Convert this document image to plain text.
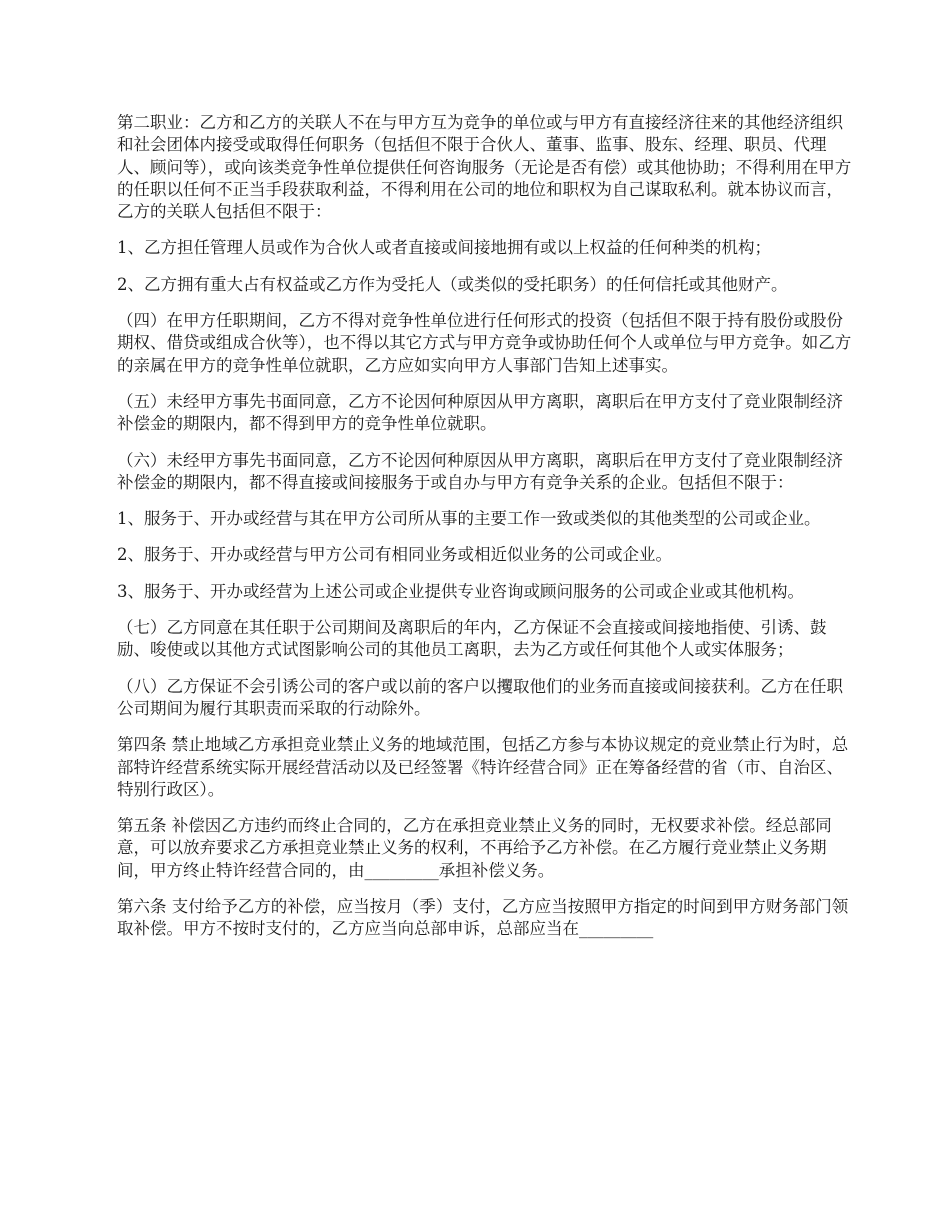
第二职业：乙方和乙方的关联人不在与甲方互为竞争的单位或与甲方有直接经济往来的其他经济组织和社会团体内接受或取得任何职务（包括但不限于合伙人、董事、监事、股东、经理、职员、代理人、顾问等），或向该类竞争性单位提供任何咨询服务（无论是否有偿）或其他协助；不得利用在甲方的任职以任何不正当手段获取利益，不得利用在公司的地位和职权为自己谋取私利。就本协议而言，乙方的关联人包括但不限于：

1、乙方担任管理人员或作为合伙人或者直接或间接地拥有或以上权益的任何种类的机构；

2、乙方拥有重大占有权益或乙方作为受托人（或类似的受托职务）的任何信托或其他财产。

（四）在甲方任职期间，乙方不得对竞争性单位进行任何形式的投资（包括但不限于持有股份或股份期权、借贷或组成合伙等），也不得以其它方式与甲方竞争或协助任何个人或单位与甲方竞争。如乙方的亲属在甲方的竞争性单位就职，乙方应如实向甲方人事部门告知上述事实。

（五）未经甲方事先书面同意，乙方不论因何种原因从甲方离职，离职后在甲方支付了竞业限制经济补偿金的期限内，都不得到甲方的竞争性单位就职。

（六）未经甲方事先书面同意，乙方不论因何种原因从甲方离职，离职后在甲方支付了竞业限制经济补偿金的期限内，都不得直接或间接服务于或自办与甲方有竞争关系的企业。包括但不限于：

1、服务于、开办或经营与其在甲方公司所从事的主要工作一致或类似的其他类型的公司或企业。

2、服务于、开办或经营与甲方公司有相同业务或相近似业务的公司或企业。

3、服务于、开办或经营为上述公司或企业提供专业咨询或顾问服务的公司或企业或其他机构。

（七）乙方同意在其任职于公司期间及离职后的年内，乙方保证不会直接或间接地指使、引诱、鼓励、唆使或以其他方式试图影响公司的其他员工离职，去为乙方或任何其他个人或实体服务；

（八）乙方保证不会引诱公司的客户或以前的客户以攫取他们的业务而直接或间接获利。乙方在任职公司期间为履行其职责而采取的行动除外。

第四条 禁止地域乙方承担竞业禁止义务的地域范围，包括乙方参与本协议规定的竞业禁止行为时，总部特许经营系统实际开展经营活动以及已经签署《特许经营合同》正在筹备经营的省（市、自治区、特别行政区）。

第五条 补偿因乙方违约而终止合同的，乙方在承担竞业禁止义务的同时，无权要求补偿。经总部同意，可以放弃要求乙方承担竞业禁止义务的权利，不再给予乙方补偿。在乙方履行竞业禁止义务期间，甲方终止特许经营合同的，由_________承担补偿义务。

第六条 支付给予乙方的补偿，应当按月（季）支付，乙方应当按照甲方指定的时间到甲方财务部门领取补偿。甲方不按时支付的，乙方应当向总部申诉，总部应当在_________
